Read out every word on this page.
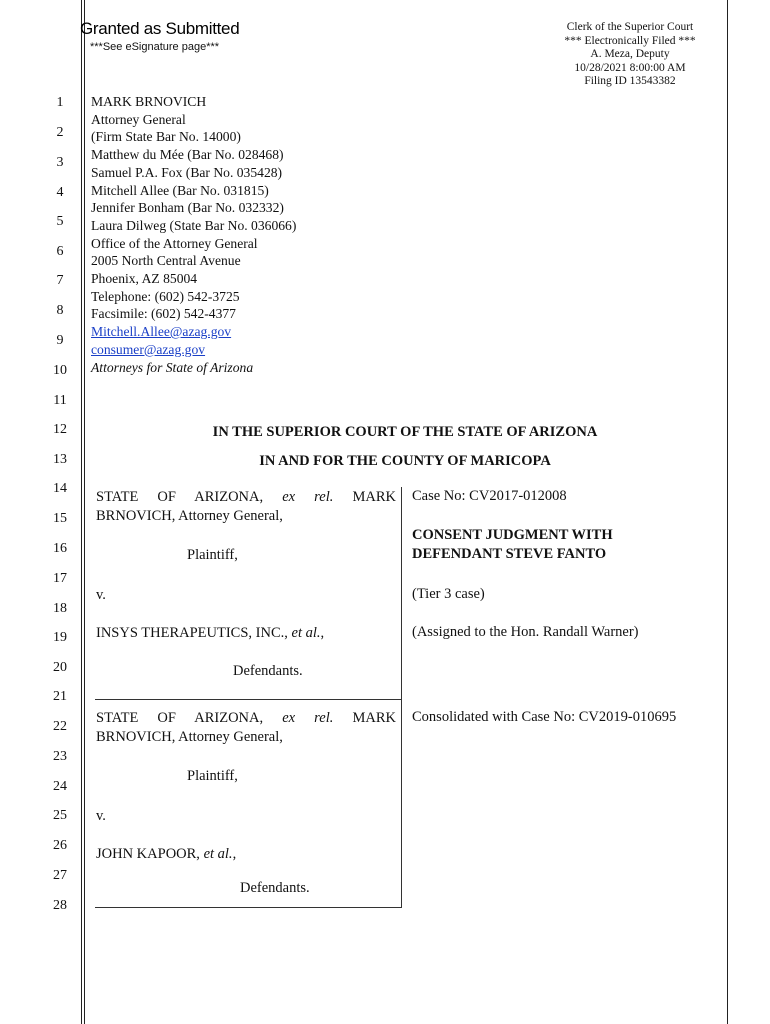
Granted as Submitted
***See eSignature page***
Clerk of the Superior Court
*** Electronically Filed ***
A. Meza, Deputy
10/28/2021 8:00:00 AM
Filing ID 13543382
1
2
3
4
5
6
7
8
9
10
11
12
13
14
15
16
17
18
19
20
21
22
23
24
25
26
27
28
MARK BRNOVICH
Attorney General
(Firm State Bar No. 14000)
Matthew du Mée (Bar No. 028468)
Samuel P.A. Fox (Bar No. 035428)
Mitchell Allee (Bar No. 031815)
Jennifer Bonham (Bar No. 032332)
Laura Dilweg (State Bar No. 036066)
Office of the Attorney General
2005 North Central Avenue
Phoenix, AZ 85004
Telephone: (602) 542-3725
Facsimile: (602) 542-4377
Mitchell.Allee@azag.gov
consumer@azag.gov
Attorneys for State of Arizona
IN THE SUPERIOR COURT OF THE STATE OF ARIZONA
IN AND FOR THE COUNTY OF MARICOPA
STATE OF ARIZONA, ex rel. MARK
BRNOVICH, Attorney General,
Plaintiff,
v.
INSYS THERAPEUTICS, INC., et al.,
Defendants.
STATE OF ARIZONA, ex rel. MARK
BRNOVICH, Attorney General,
Plaintiff,
v.
JOHN KAPOOR, et al.,
Defendants.
Case No: CV2017-012008
CONSENT JUDGMENT WITH
DEFENDANT STEVE FANTO
(Tier 3 case)
(Assigned to the Hon. Randall Warner)
Consolidated with Case No: CV2019-010695
